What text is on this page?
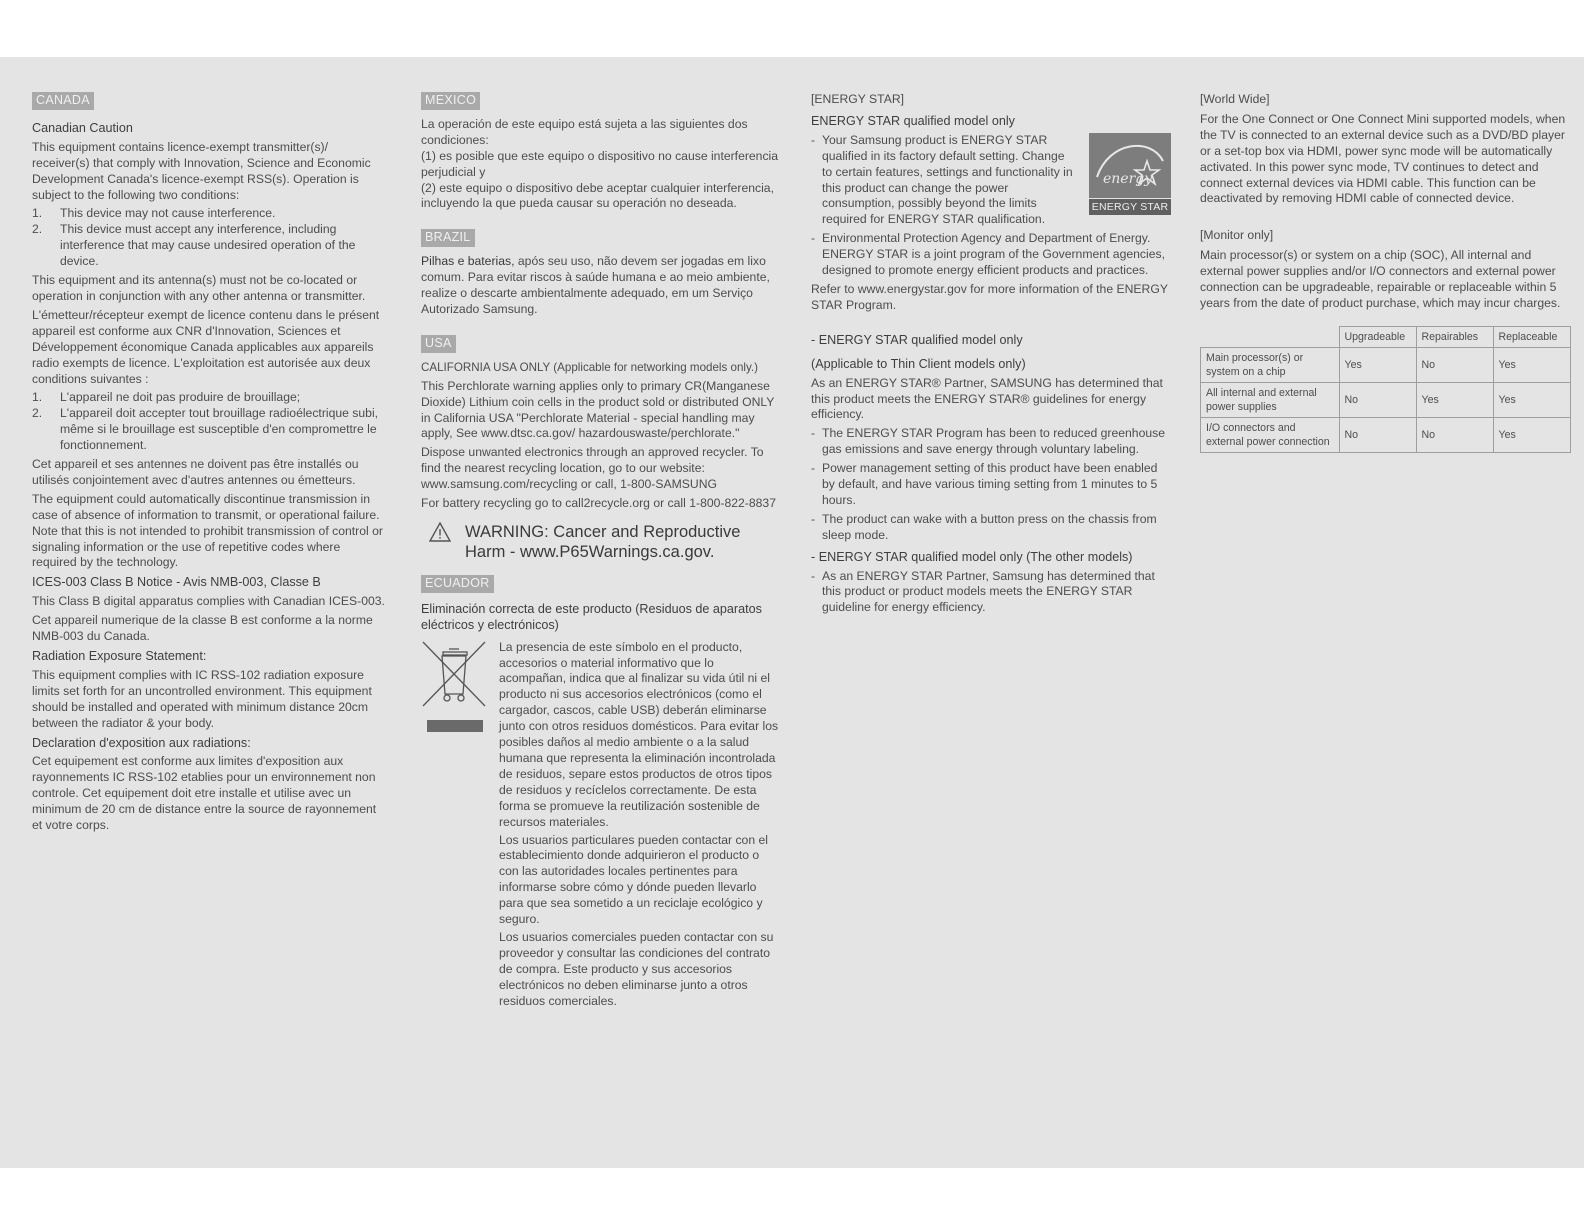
CANADA
Canadian Caution

This equipment contains licence-exempt transmitter(s)/ receiver(s) that comply with Innovation, Science and Economic Development Canada's licence-exempt RSS(s). Operation is subject to the following two conditions:

1. This device may not cause interference.
2. This device must accept any interference, including interference that may cause undesired operation of the device.

This equipment and its antenna(s) must not be co-located or operation in conjunction with any other antenna or transmitter.

L'émetteur/récepteur exempt de licence contenu dans le présent appareil est conforme aux CNR d'Innovation, Sciences et Développement économique Canada applicables aux appareils radio exempts de licence. L'exploitation est autorisée aux deux conditions suivantes :

1. L'appareil ne doit pas produire de brouillage;
2. L'appareil doit accepter tout brouillage radioélectrique subi, même si le brouillage est susceptible d'en compromettre le fonctionnement.

Cet appareil et ses antennes ne doivent pas être installés ou utilisés conjointement avec d'autres antennes ou émetteurs.

The equipment could automatically discontinue transmission in case of absence of information to transmit, or operational failure. Note that this is not intended to prohibit transmission of control or signaling information or the use of repetitive codes where required by the technology.

ICES-003 Class B Notice - Avis NMB-003, Classe B

This Class B digital apparatus complies with Canadian ICES-003.

Cet appareil numerique de la classe B est conforme a la norme NMB-003 du Canada.

Radiation Exposure Statement:

This equipment complies with IC RSS-102 radiation exposure limits set forth for an uncontrolled environment. This equipment should be installed and operated with minimum distance 20cm between the radiator & your body.

Declaration d'exposition aux radiations:

Cet equipement est conforme aux limites d'exposition aux rayonnements IC RSS-102 etablies pour un environnement non controle. Cet equipement doit etre installe et utilise avec un minimum de 20 cm de distance entre la source de rayonnement et votre corps.

MEXICO

La operación de este equipo está sujeta a las siguientes dos condiciones:

(1) es posible que este equipo o dispositivo no cause interferencia perjudicial y

(2) este equipo o dispositivo debe aceptar cualquier interferencia, incluyendo la que pueda causar su operación no deseada.

BRAZIL

Pilhas e baterias, após seu uso, não devem ser jogadas em lixo comum. Para evitar riscos à saúde humana e ao meio ambiente, realize o descarte ambientalmente adequado, em um Serviço Autorizado Samsung.

USA

CALIFORNIA USA ONLY (Applicable for networking models only.)

This Perchlorate warning applies only to primary CR(Manganese Dioxide) Lithium coin cells in the product sold or distributed ONLY in California USA "Perchlorate Material - special handling may apply, See www.dtsc.ca.gov/ hazardouswaste/perchlorate."

Dispose unwanted electronics through an approved recycler. To find the nearest recycling location, go to our website: www.samsung.com/recycling or call, 1-800-SAMSUNG

For battery recycling go to call2recycle.org or call 1-800-822-8837

WARNING: Cancer and Reproductive Harm - www.P65Warnings.ca.gov.
ECUADOR
Eliminación correcta de este producto (Residuos de aparatos eléctricos y electrónicos)

La presencia de este símbolo en el producto, accesorios o material informativo que lo acompañan, indica que al finalizar su vida útil ni el producto ni sus accesorios electrónicos (como el cargador, cascos, cable USB) deberán eliminarse junto con otros residuos domésticos. Para evitar los posibles daños al medio ambiente o a la salud humana que representa la eliminación incontrolada de residuos, separe estos productos de otros tipos de residuos y recíclelos correctamente. De esta forma se promueve la reutilización sostenible de recursos materiales.

Los usuarios particulares pueden contactar con el establecimiento donde adquirieron el producto o con las autoridades locales pertinentes para informarse sobre cómo y dónde pueden llevarlo para que sea sometido a un reciclaje ecológico y seguro.

Los usuarios comerciales pueden contactar con su proveedor y consultar las condiciones del contrato de compra. Este producto y sus accesorios electrónicos no deben eliminarse junto a otros residuos comerciales.

[ENERGY STAR]
ENERGY STAR qualified model only
energy
ENERGY STAR
- Your Samsung product is ENERGY STAR qualified in its factory default setting. Change to certain features, settings and functionality in this product can change the power consumption, possibly beyond the limits required for ENERGY STAR qualification.
- Environmental Protection Agency and Department of Energy. ENERGY STAR is a joint program of the Government agencies, designed to promote energy efficient products and practices.

Refer to www.energystar.gov for more information of the ENERGY STAR Program.

- ENERGY STAR qualified model only
(Applicable to Thin Client models only)

As an ENERGY STAR® Partner, SAMSUNG has determined that this product meets the ENERGY STAR® guidelines for energy efficiency.

- The ENERGY STAR Program has been to reduced greenhouse gas emissions and save energy through voluntary labeling.
- Power management setting of this product have been enabled by default, and have various timing setting from 1 minutes to 5 hours.
- The product can wake with a button press on the chassis from sleep mode.
- ENERGY STAR qualified model only (The other models)
- As an ENERGY STAR Partner, Samsung has determined that this product or product models meets the ENERGY STAR guideline for energy efficiency.
[World Wide]

For the One Connect or One Connect Mini supported models, when the TV is connected to an external device such as a DVD/BD player or a set-top box via HDMI, power sync mode will be automatically activated. In this power sync mode, TV continues to detect and connect external devices via HDMI cable. This function can be deactivated by removing HDMI cable of connected device.

[Monitor only]

Main processor(s) or system on a chip (SOC), All internal and external power supplies and/or I/O connectors and external power connection can be upgradeable, repairable or replaceable within 5 years from the date of product purchase, which may incur charges.

	Upgradeable	Repairables	Replaceable
Main processor(s) or system on a chip	Yes	No	Yes
All internal and external power supplies	No	Yes	Yes
I/O connectors and external power connection	No	No	Yes
